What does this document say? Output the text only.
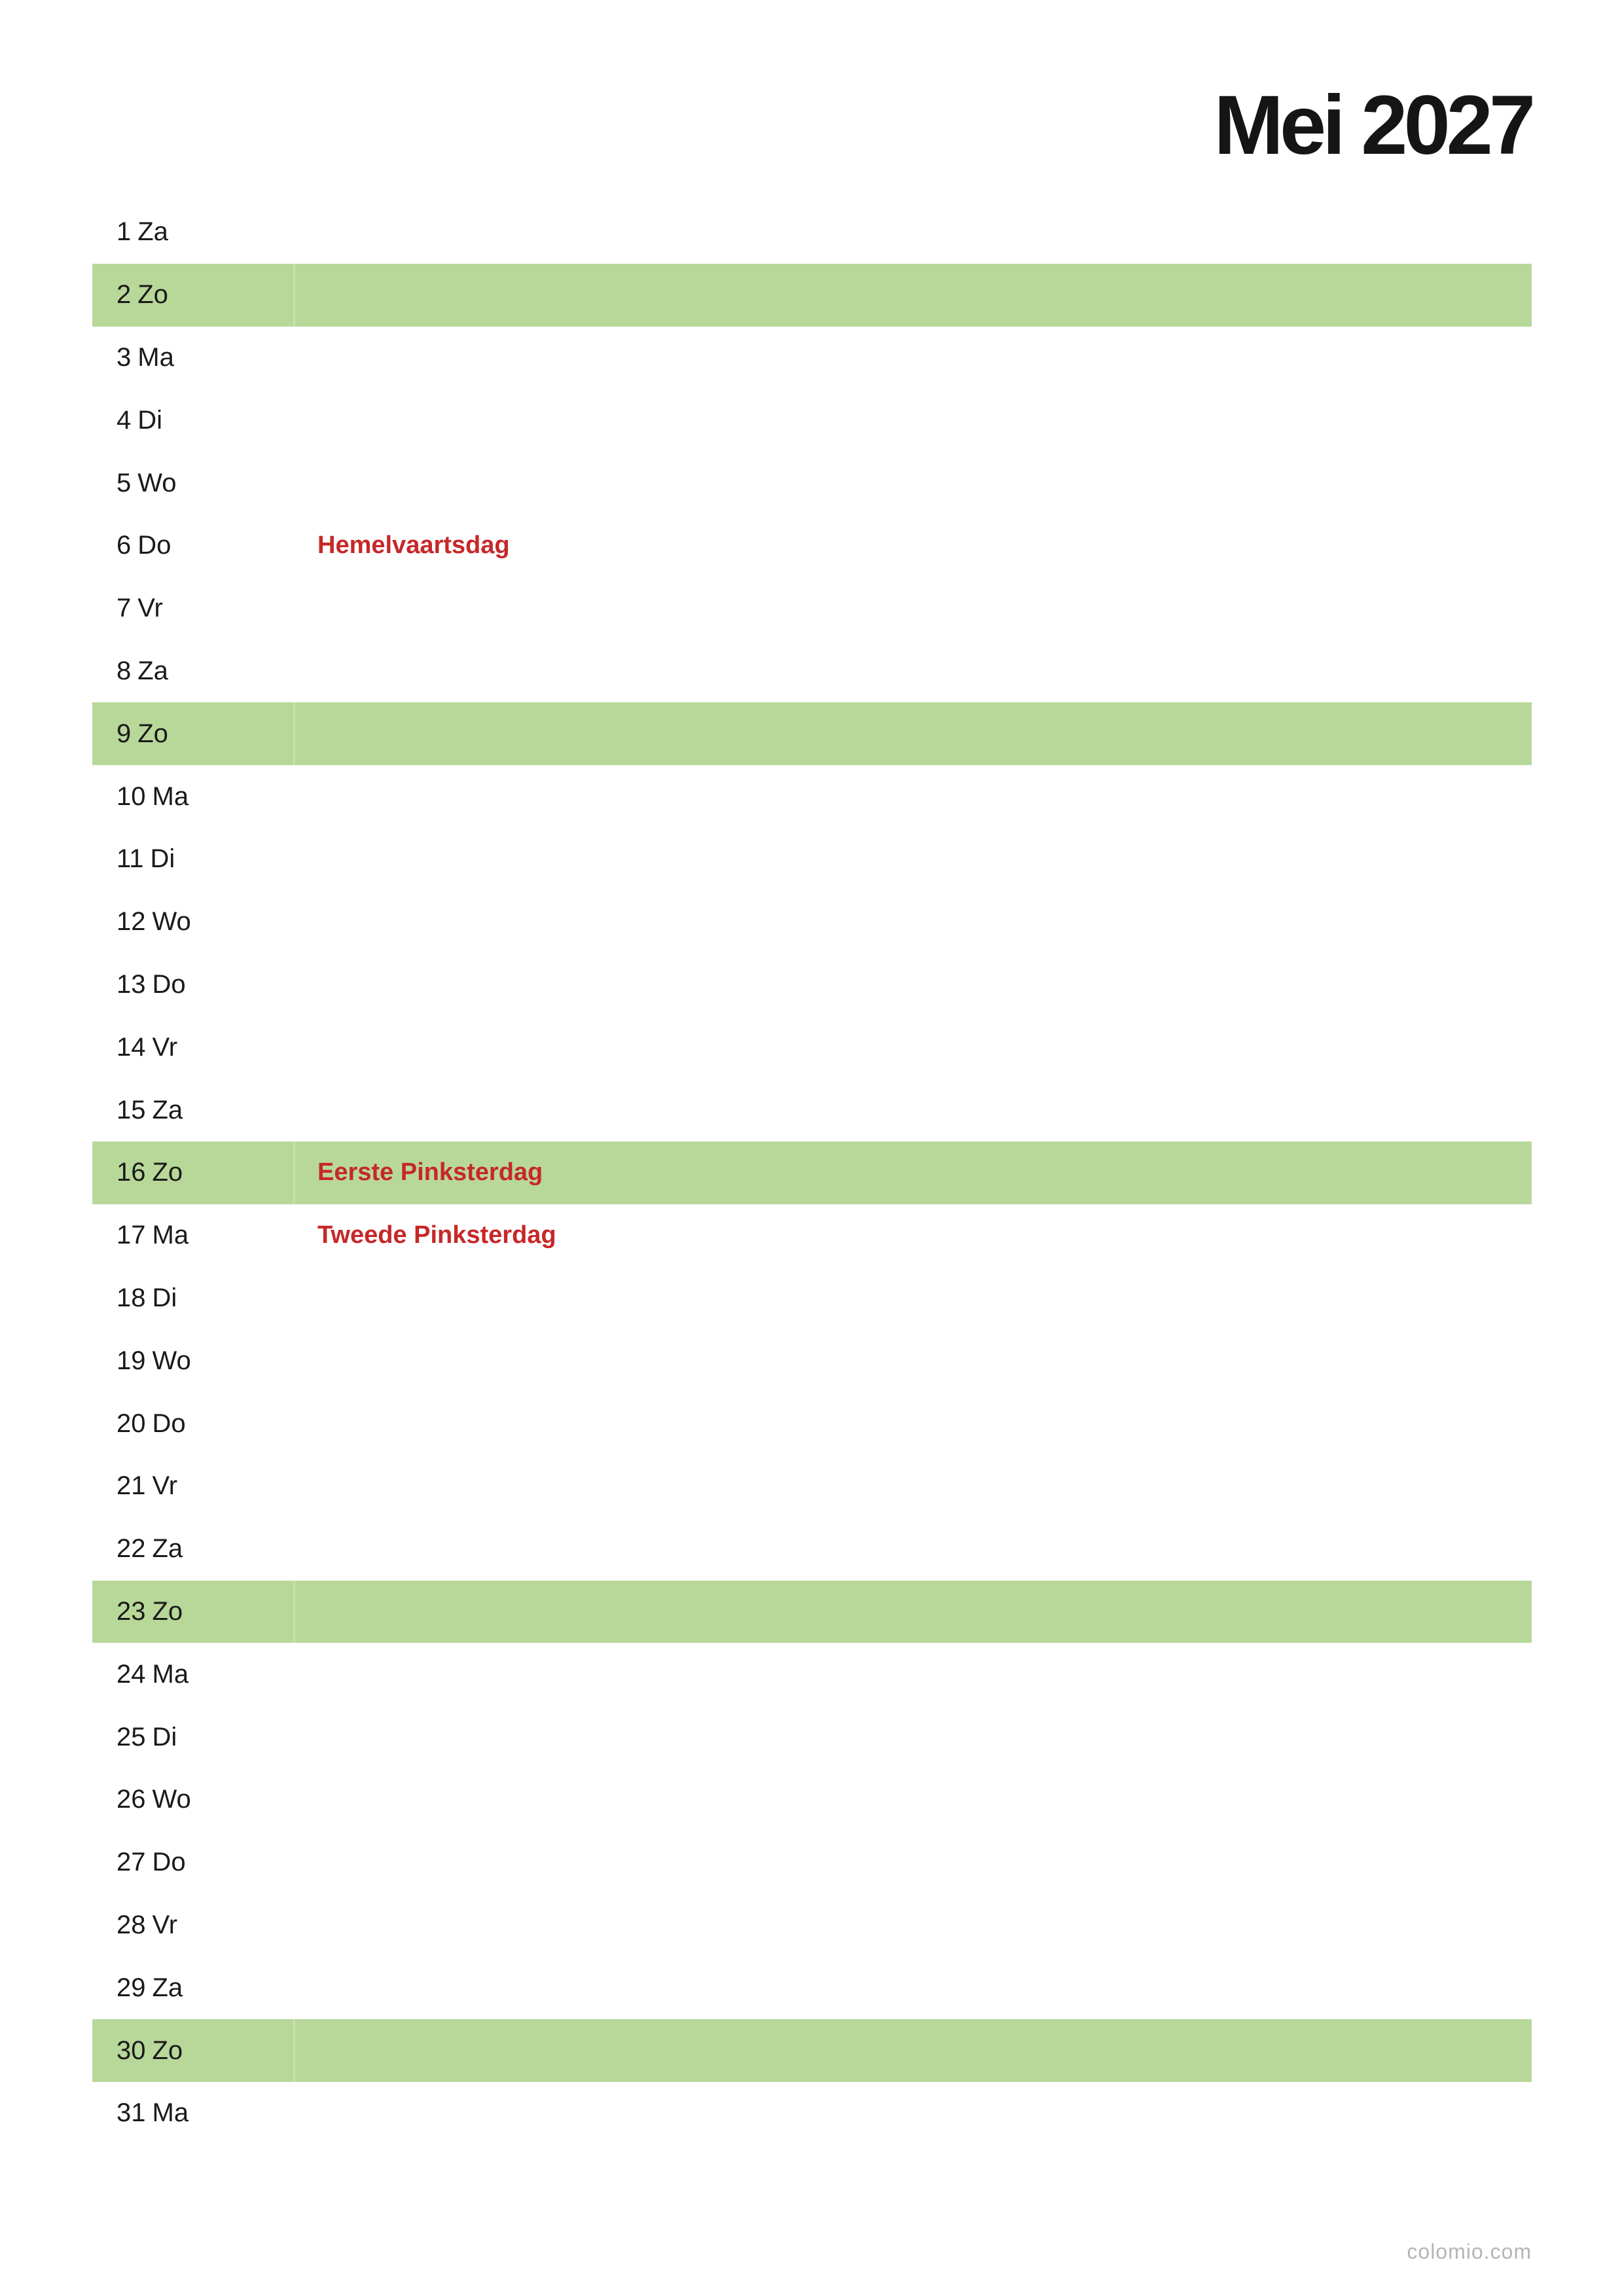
Mei 2027
1 Za
2 Zo
3 Ma
4 Di
5 Wo
6 Do	Hemelvaartsdag
7 Vr
8 Za
9 Zo
10 Ma
11 Di
12 Wo
13 Do
14 Vr
15 Za
16 Zo	Eerste Pinksterdag
17 Ma	Tweede Pinksterdag
18 Di
19 Wo
20 Do
21 Vr
22 Za
23 Zo
24 Ma
25 Di
26 Wo
27 Do
28 Vr
29 Za
30 Zo
31 Ma
colomio.com
